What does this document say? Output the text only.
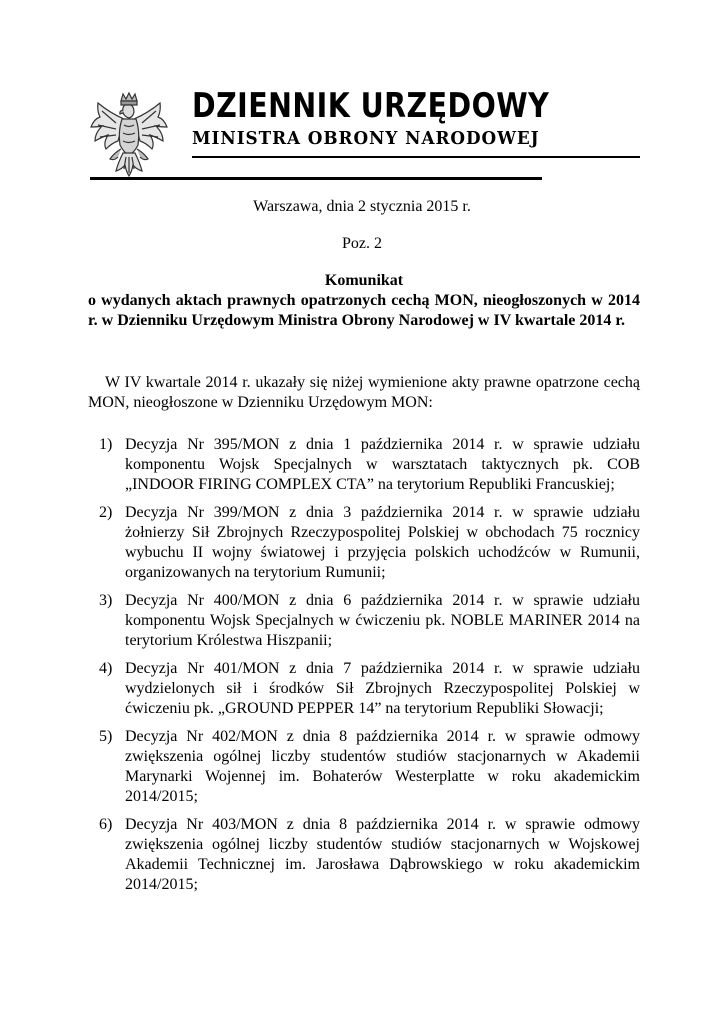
DZIENNIK URZĘDOWY
MINISTRA OBRONY NARODOWEJ
Warszawa, dnia 2 stycznia 2015 r.
Poz. 2
Komunikat
o wydanych aktach prawnych opatrzonych cechą MON, nieogłoszonych w 2014 r. w Dzienniku Urzędowym Ministra Obrony Narodowej w IV kwartale 2014 r.
W IV kwartale 2014 r. ukazały się niżej wymienione akty prawne opatrzone cechą MON, nieogłoszone w Dzienniku Urzędowym MON:
1) Decyzja Nr 395/MON z dnia 1 października 2014 r. w sprawie udziału komponentu Wojsk Specjalnych w warsztatach taktycznych pk. COB „INDOOR FIRING COMPLEX CTA” na terytorium Republiki Francuskiej;
2) Decyzja Nr 399/MON z dnia 3 października 2014 r. w sprawie udziału żołnierzy Sił Zbrojnych Rzeczypospolitej Polskiej w obchodach 75 rocznicy wybuchu II wojny światowej i przyjęcia polskich uchodźców w Rumunii, organizowanych na terytorium Rumunii;
3) Decyzja Nr 400/MON z dnia 6 października 2014 r. w sprawie udziału komponentu Wojsk Specjalnych w ćwiczeniu pk. NOBLE MARINER 2014 na terytorium Królestwa Hiszpanii;
4) Decyzja Nr 401/MON z dnia 7 października 2014 r. w sprawie udziału wydzielonych sił i środków Sił Zbrojnych Rzeczypospolitej Polskiej w ćwiczeniu pk. „GROUND PEPPER 14” na terytorium Republiki Słowacji;
5) Decyzja Nr 402/MON z dnia 8 października 2014 r. w sprawie odmowy zwiększenia ogólnej liczby studentów studiów stacjonarnych w Akademii Marynarki Wojennej im. Bohaterów Westerplatte w roku akademickim 2014/2015;
6) Decyzja Nr 403/MON z dnia 8 października 2014 r. w sprawie odmowy zwiększenia ogólnej liczby studentów studiów stacjonarnych w Wojskowej Akademii Technicznej im. Jarosława Dąbrowskiego w roku akademickim 2014/2015;
